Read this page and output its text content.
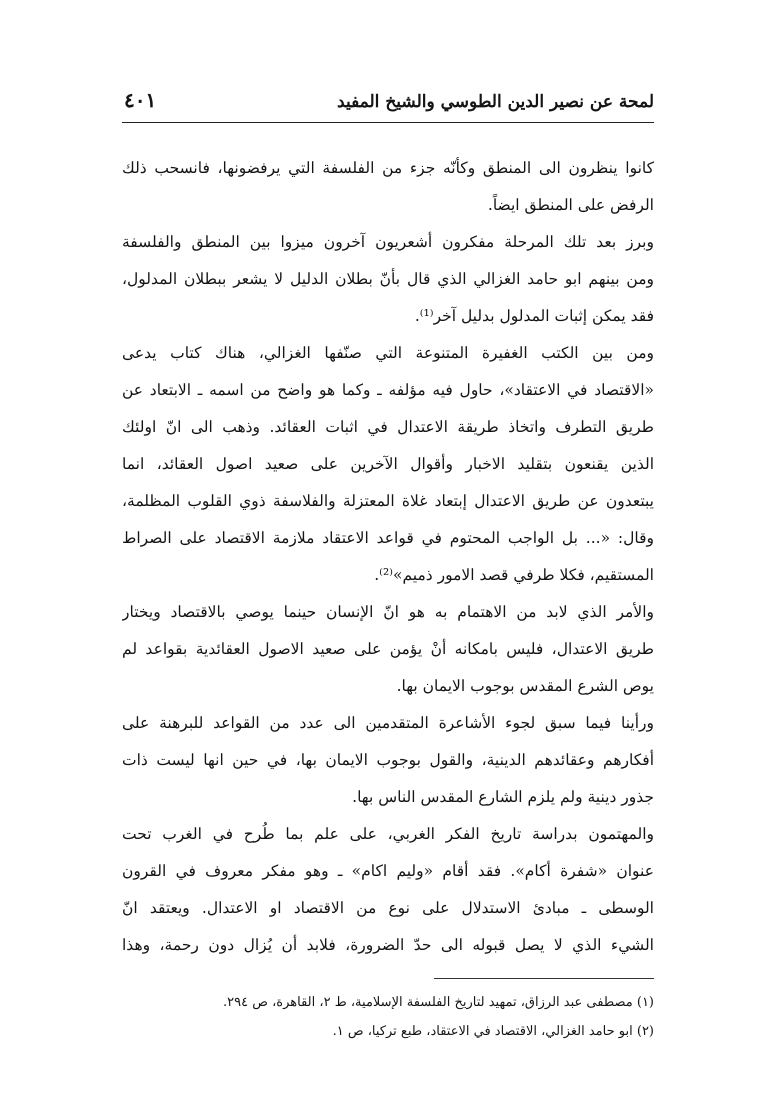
لمحة عن نصير الدين الطوسي والشيخ المفيد
٤٠١
كانوا ينظرون الى المنطق وكأنّه جزء من الفلسفة التي يرفضونها، فانسحب ذلك
الرفض على المنطق ايضاً.
وبرز بعد تلك المرحلة مفكرون أشعريون آخرون ميزوا بين المنطق والفلسفة
ومن بينهم ابو حامد الغزالي الذي قال بأنّ بطلان الدليل لا يشعر ببطلان المدلول،
فقد يمكن إثبات المدلول بدليل آخر⁽¹⁾.
ومن بين الكتب الغفيرة المتنوعة التي صنّفها الغزالي، هناك كتاب يدعى
«الاقتصاد في الاعتقاد»، حاول فيه مؤلفه ـ وكما هو واضح من اسمه ـ الابتعاد عن
طريق التطرف واتخاذ طريقة الاعتدال في اثبات العقائد. وذهب الى انّ اولئك
الذين يقنعون بتقليد الاخبار وأقوال الآخرين على صعيد اصول العقائد، انما
يبتعدون عن طريق الاعتدال إبتعاد غلاة المعتزلة والفلاسفة ذوي القلوب المظلمة،
وقال: «... بل الواجب المحتوم في قواعد الاعتقاد ملازمة الاقتصاد على الصراط
المستقيم، فكلا طرفي قصد الامور ذميم»⁽²⁾.
والأمر الذي لابد من الاهتمام به هو انّ الإنسان حينما يوصي بالاقتصاد ويختار
طريق الاعتدال، فليس بامكانه أنْ يؤمن على صعيد الاصول العقائدية بقواعد لم
يوص الشرع المقدس بوجوب الايمان بها.
ورأينا فيما سبق لجوء الأشاعرة المتقدمين الى عدد من القواعد للبرهنة على
أفكارهم وعقائدهم الدينية، والقول بوجوب الايمان بها، في حين انها ليست ذات
جذور دينية ولم يلزم الشارع المقدس الناس بها.
والمهتمون بدراسة تاريخ الفكر الغربي، على علم بما طُرح في الغرب تحت
عنوان «شفرة أكام». فقد أقام «وليم اكام» ـ وهو مفكر معروف في القرون
الوسطى ـ مبادئ الاستدلال على نوع من الاقتصاد او الاعتدال. ويعتقد انّ
الشيء الذي لا يصل قبوله الى حدّ الضرورة، فلابد أن يُزال دون رحمة، وهذا
(١) مصطفى عبد الرزاق، تمهيد لتاريخ الفلسفة الإسلامية، ط ٢، القاهرة، ص ٢٩٤.
(٢) ابو حامد الغزالي، الاقتصاد في الاعتقاد، طبع تركيا، ص ١.
